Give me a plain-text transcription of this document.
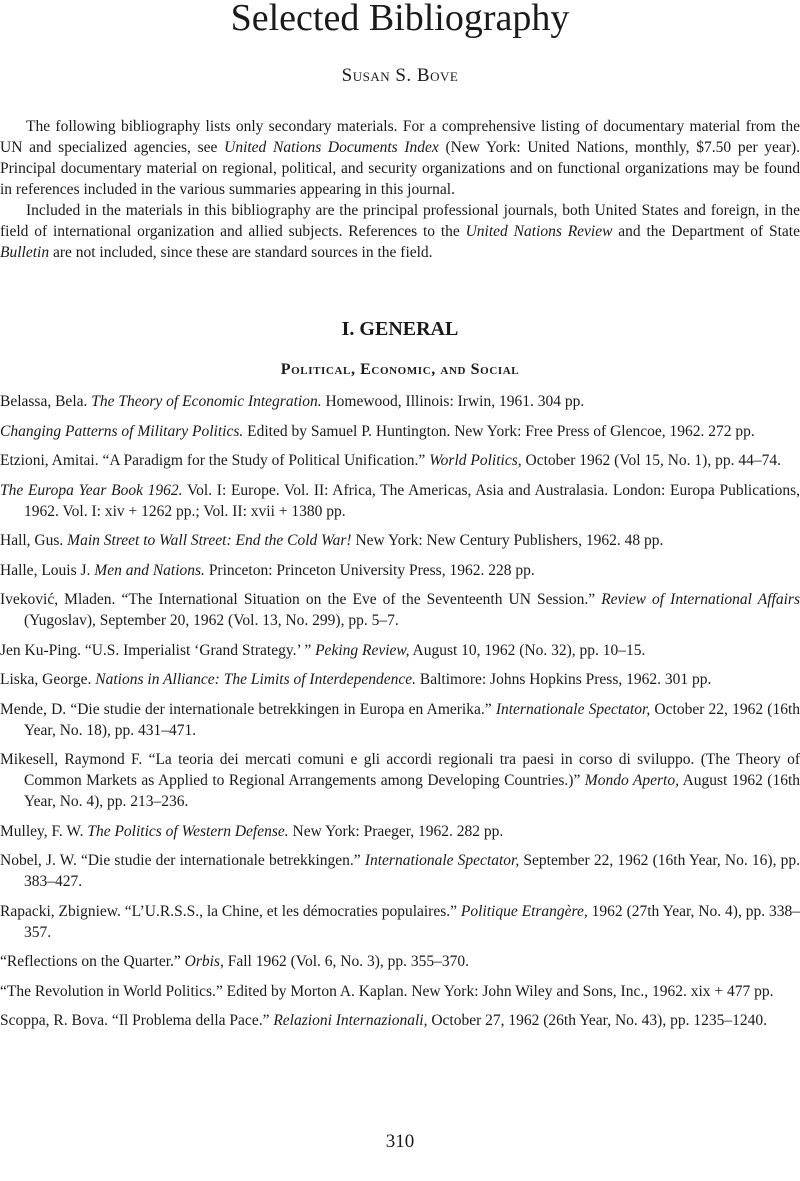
Selected Bibliography
Susan S. Bove

The following bibliography lists only secondary materials. For a comprehensive listing of documentary material from the UN and specialized agencies, see United Nations Documents Index (New York: United Nations, monthly, $7.50 per year). Principal documentary material on regional, political, and security organizations and on functional organizations may be found in references included in the various summaries appearing in this journal.

Included in the materials in this bibliography are the principal professional journals, both United States and foreign, in the field of international organization and allied subjects. References to the United Nations Review and the Department of State Bulletin are not included, since these are standard sources in the field.

I. GENERAL
Political, Economic, and Social

Belassa, Bela. The Theory of Economic Integration. Homewood, Illinois: Irwin, 1961. 304 pp.

Changing Patterns of Military Politics. Edited by Samuel P. Huntington. New York: Free Press of Glencoe, 1962. 272 pp.

Etzioni, Amitai. “A Paradigm for the Study of Political Unification.” World Politics, October 1962 (Vol 15, No. 1), pp. 44–74.

The Europa Year Book 1962. Vol. I: Europe. Vol. II: Africa, The Americas, Asia and Australasia. London: Europa Publications, 1962. Vol. I: xiv + 1262 pp.; Vol. II: xvii + 1380 pp.

Hall, Gus. Main Street to Wall Street: End the Cold War! New York: New Century Publishers, 1962. 48 pp.

Halle, Louis J. Men and Nations. Princeton: Princeton University Press, 1962. 228 pp.

Iveković, Mladen. “The International Situation on the Eve of the Seventeenth UN Session.” Review of International Affairs (Yugoslav), September 20, 1962 (Vol. 13, No. 299), pp. 5–7.

Jen Ku-Ping. “U.S. Imperialist ‘Grand Strategy.’ ” Peking Review, August 10, 1962 (No. 32), pp. 10–15.

Liska, George. Nations in Alliance: The Limits of Interdependence. Baltimore: Johns Hopkins Press, 1962. 301 pp.

Mende, D. “Die studie der internationale betrekkingen in Europa en Amerika.” Internationale Spectator, October 22, 1962 (16th Year, No. 18), pp. 431–471.

Mikesell, Raymond F. “La teoria dei mercati comuni e gli accordi regionali tra paesi in corso di sviluppo. (The Theory of Common Markets as Applied to Regional Arrangements among Developing Countries.)” Mondo Aperto, August 1962 (16th Year, No. 4), pp. 213–236.

Mulley, F. W. The Politics of Western Defense. New York: Praeger, 1962. 282 pp.

Nobel, J. W. “Die studie der internationale betrekkingen.” Internationale Spectator, September 22, 1962 (16th Year, No. 16), pp. 383–427.

Rapacki, Zbigniew. “L’U.R.S.S., la Chine, et les démocraties populaires.” Politique Etrangère, 1962 (27th Year, No. 4), pp. 338–357.

“Reflections on the Quarter.” Orbis, Fall 1962 (Vol. 6, No. 3), pp. 355–370.

“The Revolution in World Politics.” Edited by Morton A. Kaplan. New York: John Wiley and Sons, Inc., 1962. xix + 477 pp.

Scoppa, R. Bova. “Il Problema della Pace.” Relazioni Internazionali, October 27, 1962 (26th Year, No. 43), pp. 1235–1240.

310
